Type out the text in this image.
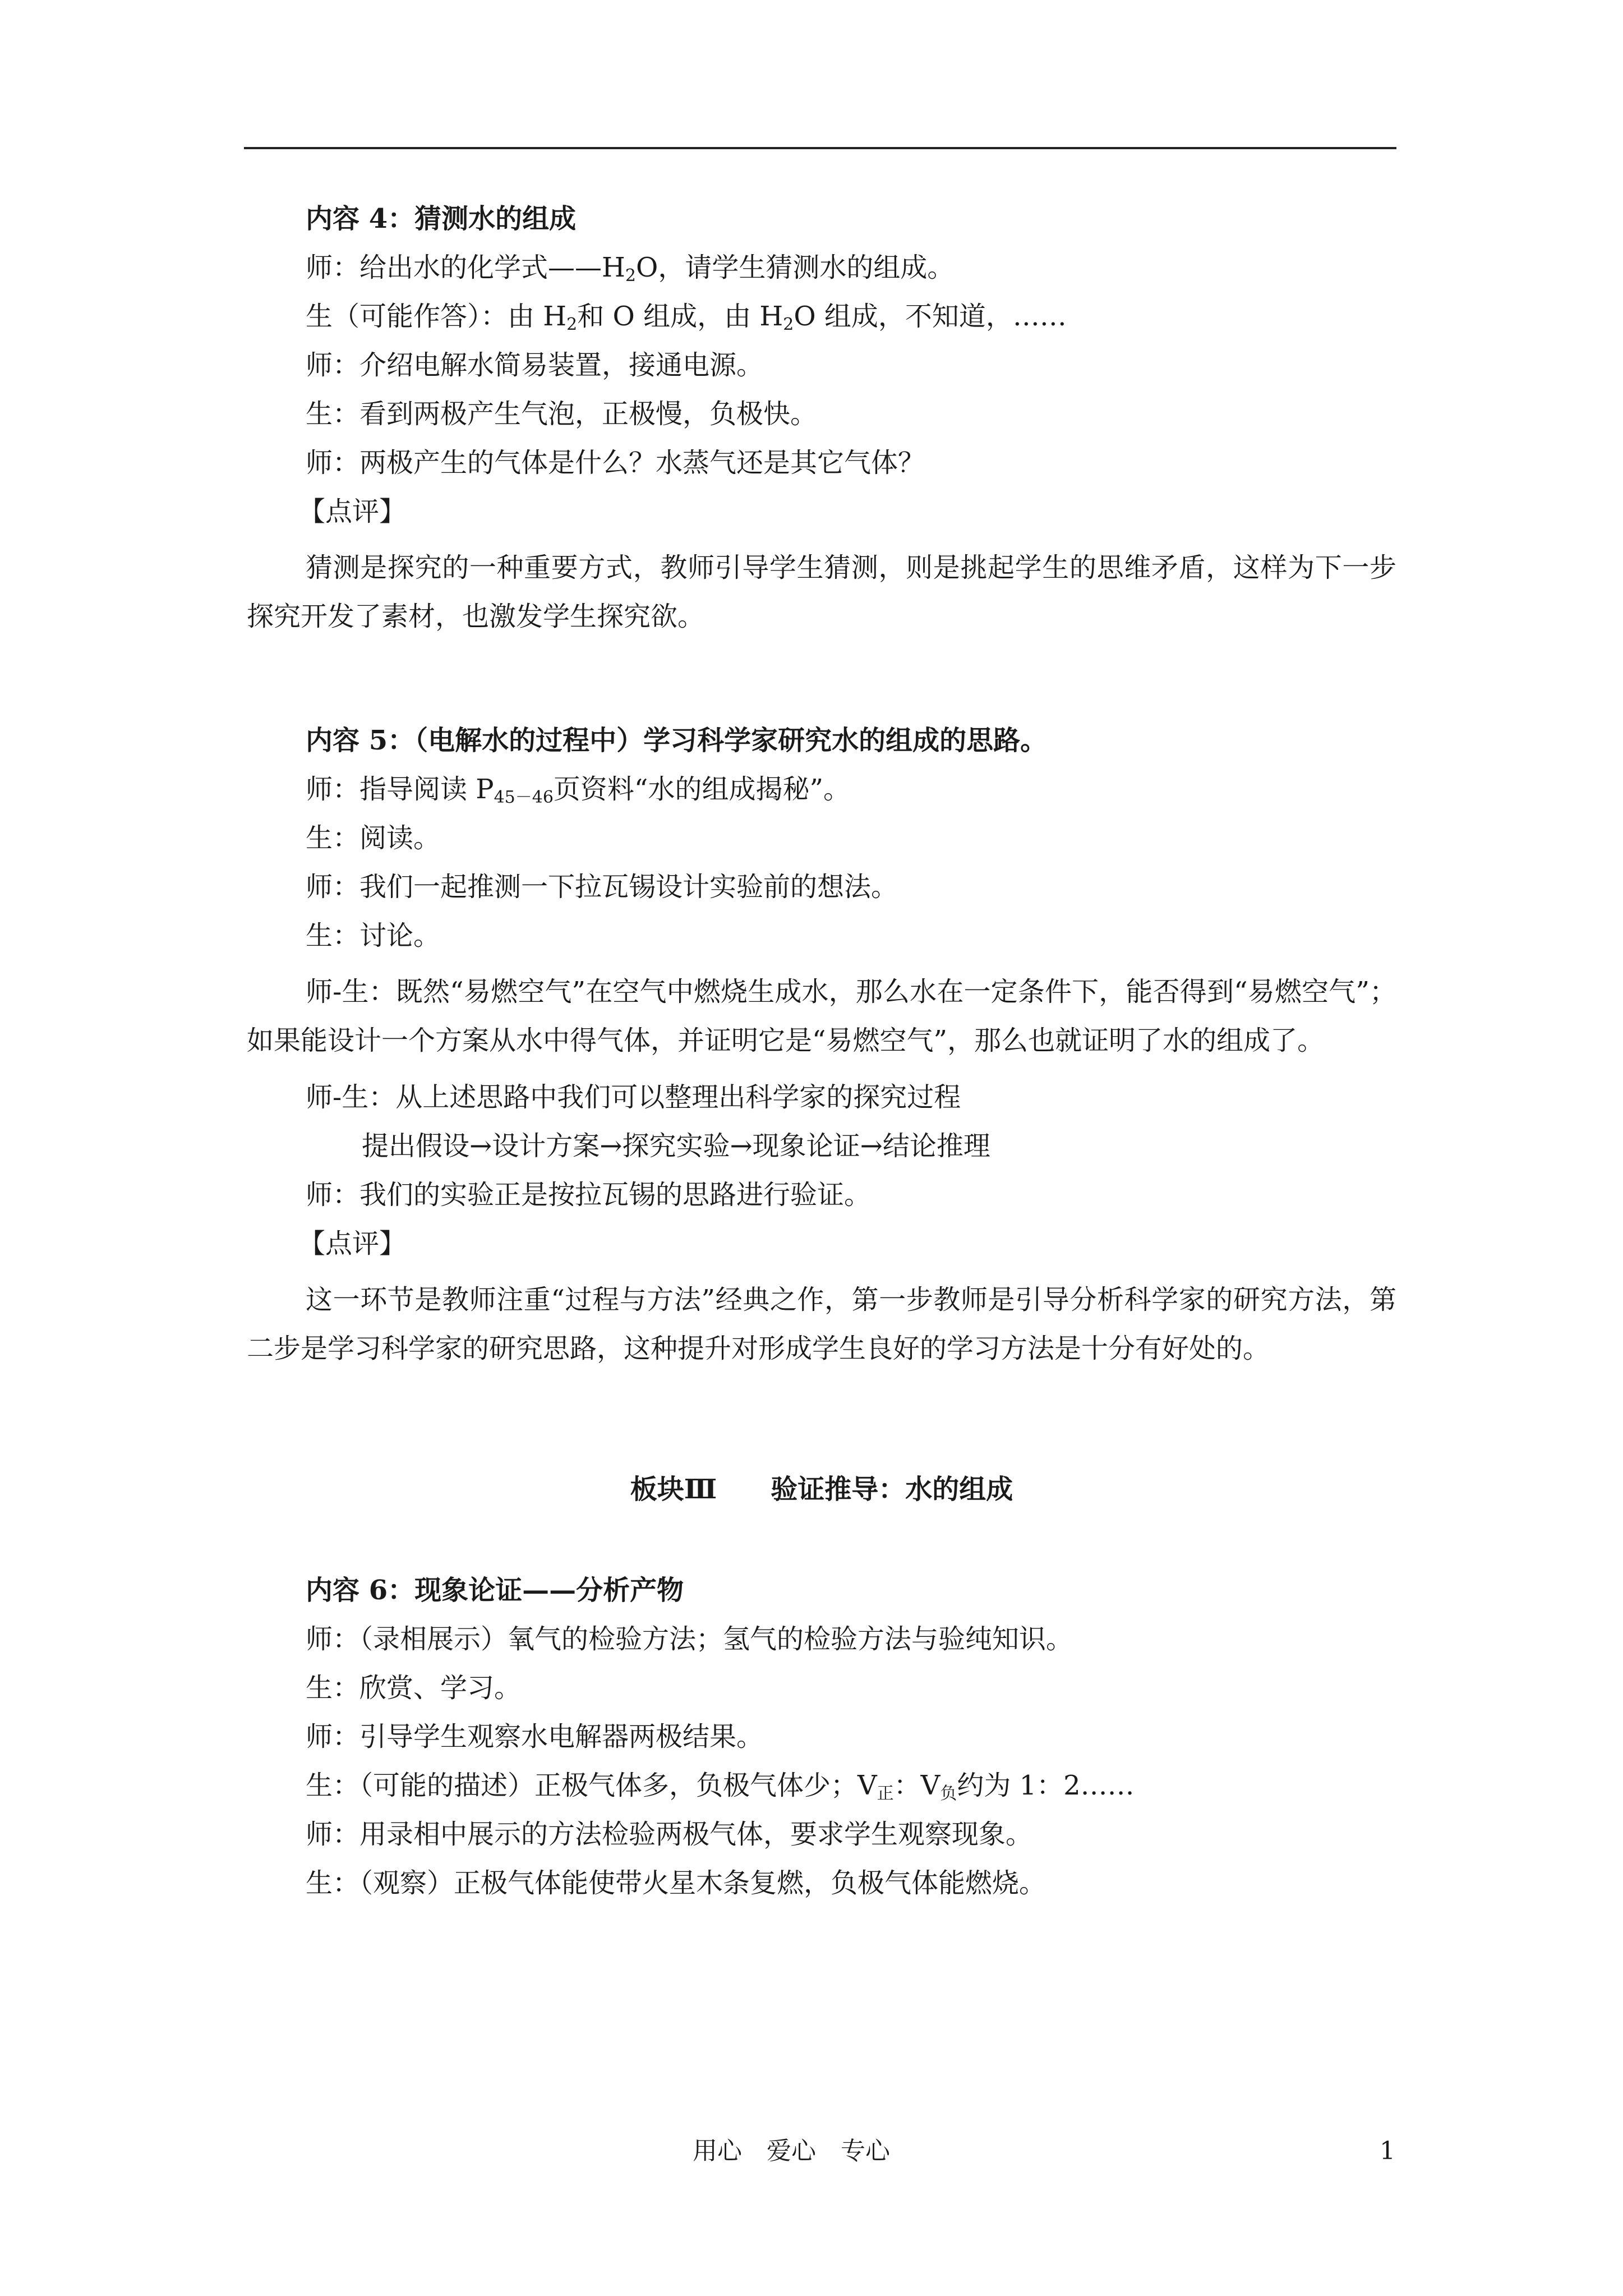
内容 4：猜测水的组成
师：给出水的化学式$——H_2O$，请学生猜测水的组成。
生（可能作答）：由 $H_2$和 O 组成，由 $H_2O$ 组成，不知道，……
师：介绍电解水简易装置，接通电源。
生：看到两极产生气泡，正极慢，负极快。
师：两极产生的气体是什么？水蒸气还是其它气体？
【点评】

猜测是探究的一种重要方式，教师引导学生猜测，则是挑起学生的思维矛盾，这样为下一步探究开发了素材，也激发学生探究欲。

内容 5：（电解水的过程中）学习科学家研究水的组成的思路。
师：指导阅读 $P_{45-46}$页资料“水的组成揭秘”。
生：阅读。
师：我们一起推测一下拉瓦锡设计实验前的想法。
生：讨论。

师-生：既然“易燃空气”在空气中燃烧生成水，那么水在一定条件下，能否得到“易燃空气”；如果能设计一个方案从水中得气体，并证明它是“易燃空气”，那么也就证明了水的组成了。

师-生：从上述思路中我们可以整理出科学家的探究过程
提出假设→设计方案→探究实验→现象论证→结论推理
师：我们的实验正是按拉瓦锡的思路进行验证。
【点评】

这一环节是教师注重“过程与方法”经典之作，第一步教师是引导分析科学家的研究方法，第二步是学习科学家的研究思路，这种提升对形成学生良好的学习方法是十分有好处的。

板块Ⅲ　　验证推导：水的组成
内容 6：现象论证——分析产物
师：（录相展示）氧气的检验方法；氢气的检验方法与验纯知识。
生：欣赏、学习。
师：引导学生观察水电解器两极结果。
生：（可能的描述）正极气体多，负极气体少；$V_正$：$V_负$约为 1：2……
师：用录相中展示的方法检验两极气体，要求学生观察现象。
生：（观察）正极气体能使带火星木条复燃，负极气体能燃烧。
用心　爱心　专心	1
